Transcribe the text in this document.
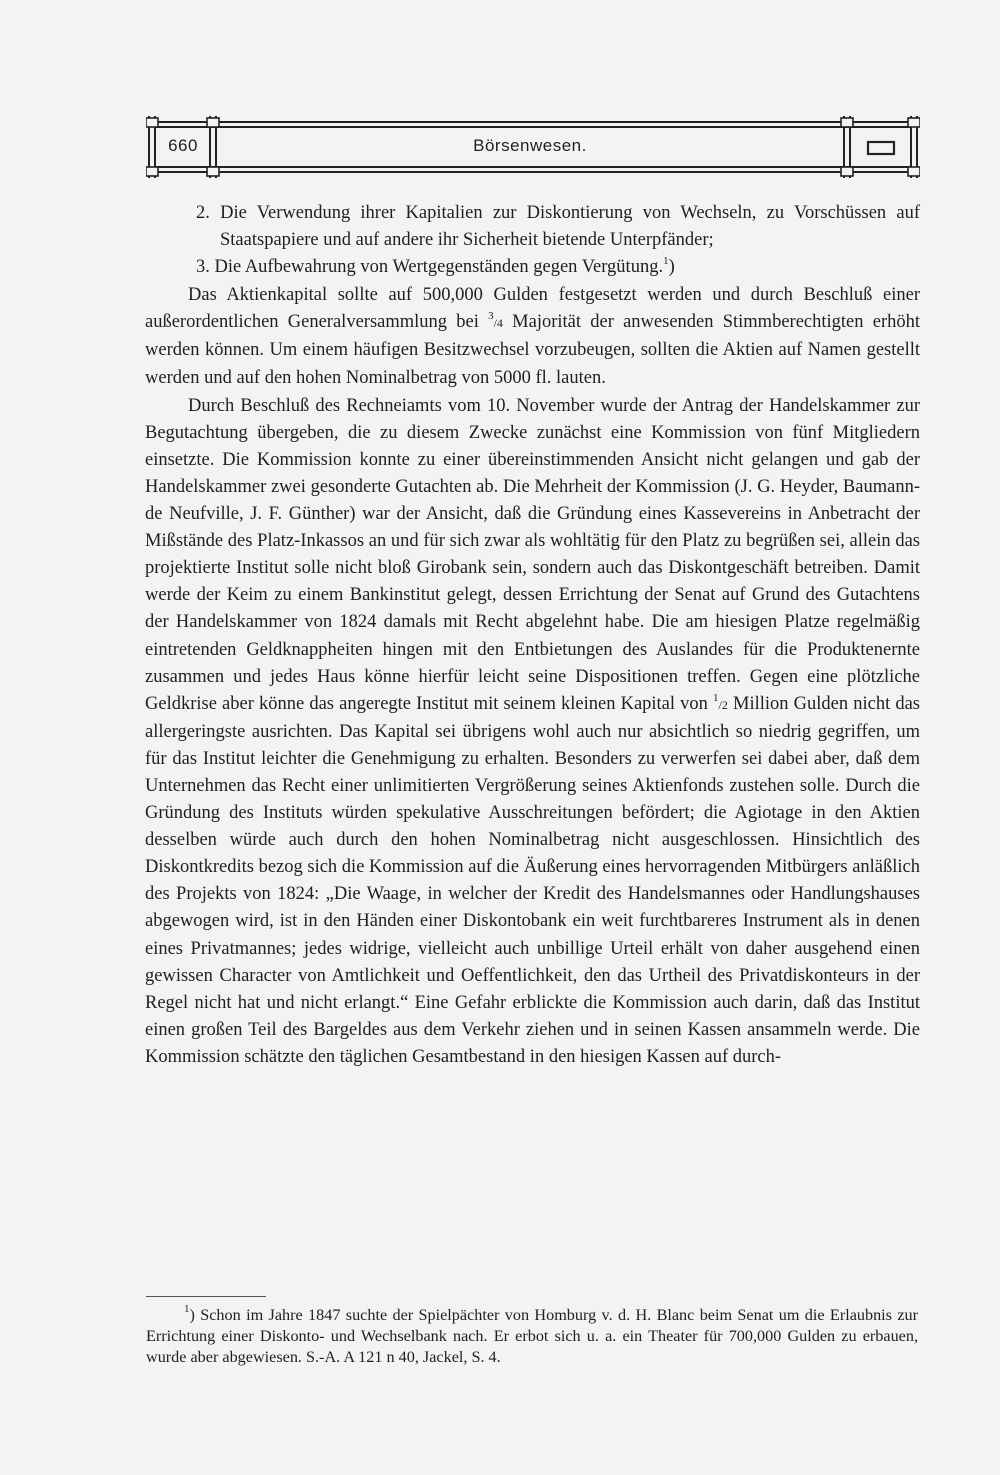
660	Börsenwesen.

2. Die Verwendung ihrer Kapitalien zur Diskontierung von Wechseln, zu Vorschüssen auf Staatspapiere und auf andere ihr Sicherheit bietende Unterpfänder;

3. Die Aufbewahrung von Wertgegenständen gegen Vergütung.$^1$)

Das Aktienkapital sollte auf 500,000 Gulden festgesetzt werden und durch Beschluß einer außerordentlichen Generalversammlung bei $^3$/4 Majorität der anwesenden Stimmberechtigten erhöht werden können. Um einem häufigen Besitzwechsel vorzubeugen, sollten die Aktien auf Namen gestellt werden und auf den hohen Nominalbetrag von 5000 fl. lauten.

Durch Beschluß des Rechneiamts vom 10. November wurde der Antrag der Handelskammer zur Begutachtung übergeben, die zu diesem Zwecke zunächst eine Kommission von fünf Mitgliedern einsetzte. Die Kommission konnte zu einer übereinstimmenden Ansicht nicht gelangen und gab der Handelskammer zwei gesonderte Gutachten ab. Die Mehrheit der Kommission (J. G. Heyder, Baumann-de Neufville, J. F. Günther) war der Ansicht, daß die Gründung eines Kassevereins in Anbetracht der Mißstände des Platz-Inkassos an und für sich zwar als wohltätig für den Platz zu begrüßen sei, allein das projektierte Institut solle nicht bloß Girobank sein, sondern auch das Diskontgeschäft betreiben. Damit werde der Keim zu einem Bankinstitut gelegt, dessen Errichtung der Senat auf Grund des Gutachtens der Handelskammer von 1824 damals mit Recht abgelehnt habe. Die am hiesigen Platze regelmäßig eintretenden Geldknappheiten hingen mit den Entbietungen des Auslandes für die Produktenernte zusammen und jedes Haus könne hierfür leicht seine Dispositionen treffen. Gegen eine plötzliche Geldkrise aber könne das angeregte Institut mit seinem kleinen Kapital von $^1$/2 Million Gulden nicht das allergeringste ausrichten. Das Kapital sei übrigens wohl auch nur absichtlich so niedrig gegriffen, um für das Institut leichter die Genehmigung zu erhalten. Besonders zu verwerfen sei dabei aber, daß dem Unternehmen das Recht einer unlimitierten Vergrößerung seines Aktienfonds zustehen solle. Durch die Gründung des Instituts würden spekulative Ausschreitungen befördert; die Agiotage in den Aktien desselben würde auch durch den hohen Nominalbetrag nicht ausgeschlossen. Hinsichtlich des Diskontkredits bezog sich die Kommission auf die Äußerung eines hervorragenden Mitbürgers anläßlich des Projekts von 1824: „Die Waage, in welcher der Kredit des Handelsmannes oder Handlungshauses abgewogen wird, ist in den Händen einer Diskontobank ein weit furchtbareres Instrument als in denen eines Privatmannes; jedes widrige, vielleicht auch unbillige Urteil erhält von daher ausgehend einen gewissen Character von Amtlichkeit und Oeffentlichkeit, den das Urtheil des Privatdiskonteurs in der Regel nicht hat und nicht erlangt.“ Eine Gefahr erblickte die Kommission auch darin, daß das Institut einen großen Teil des Bargeldes aus dem Verkehr ziehen und in seinen Kassen ansammeln werde. Die Kommission schätzte den täglichen Gesamtbestand in den hiesigen Kassen auf durch-

$^1$) Schon im Jahre 1847 suchte der Spielpächter von Homburg v. d. H. Blanc beim Senat um die Erlaubnis zur Errichtung einer Diskonto- und Wechselbank nach. Er erbot sich u. a. ein Theater für 700,000 Gulden zu erbauen, wurde aber abgewiesen. S.-A. A 121 n 40, Jackel, S. 4.
